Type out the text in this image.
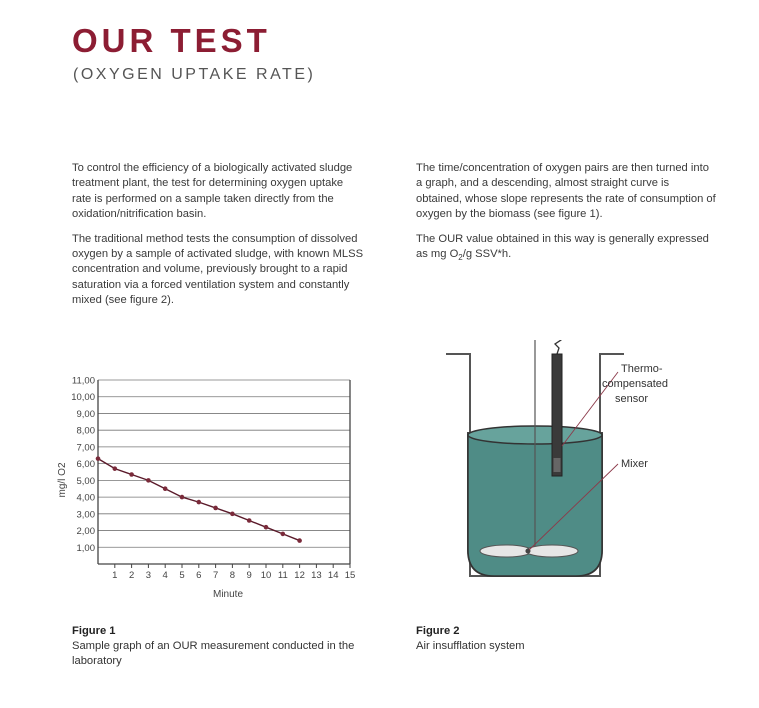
OUR TEST
(OXYGEN UPTAKE RATE)

To control the efficiency of a biologically activated sludge treatment plant, the test for determining oxygen uptake rate is performed on a sample taken directly from the oxidation/nitrification basin.

The traditional method tests the consumption of dissolved oxygen by a sample of activated sludge, with known MLSS concentration and volume, previously brought to a rapid saturation via a forced ventilation system and constantly mixed (see figure 2).

The time/concentration of oxygen pairs are then turned into a graph, and a descending, almost straight curve is obtained, whose slope represents the rate of consumption of oxygen by the biomass (see figure 1).

The OUR value obtained in this way is generally expressed as mg $O_2/g$ SSV*h.

1,00
2,00
3,00
4,00
5,00
6,00
7,00
8,00
9,00
10,00
11,00
1 2 3 4 5 6 7 8 9 10 11 12 13 14 15
Minute
mg/l O2
Thermo-
compensated
sensor
Mixer
Figure 1
Sample graph of an OUR measurement conducted in the laboratory
Figure 2
Air insufflation system
